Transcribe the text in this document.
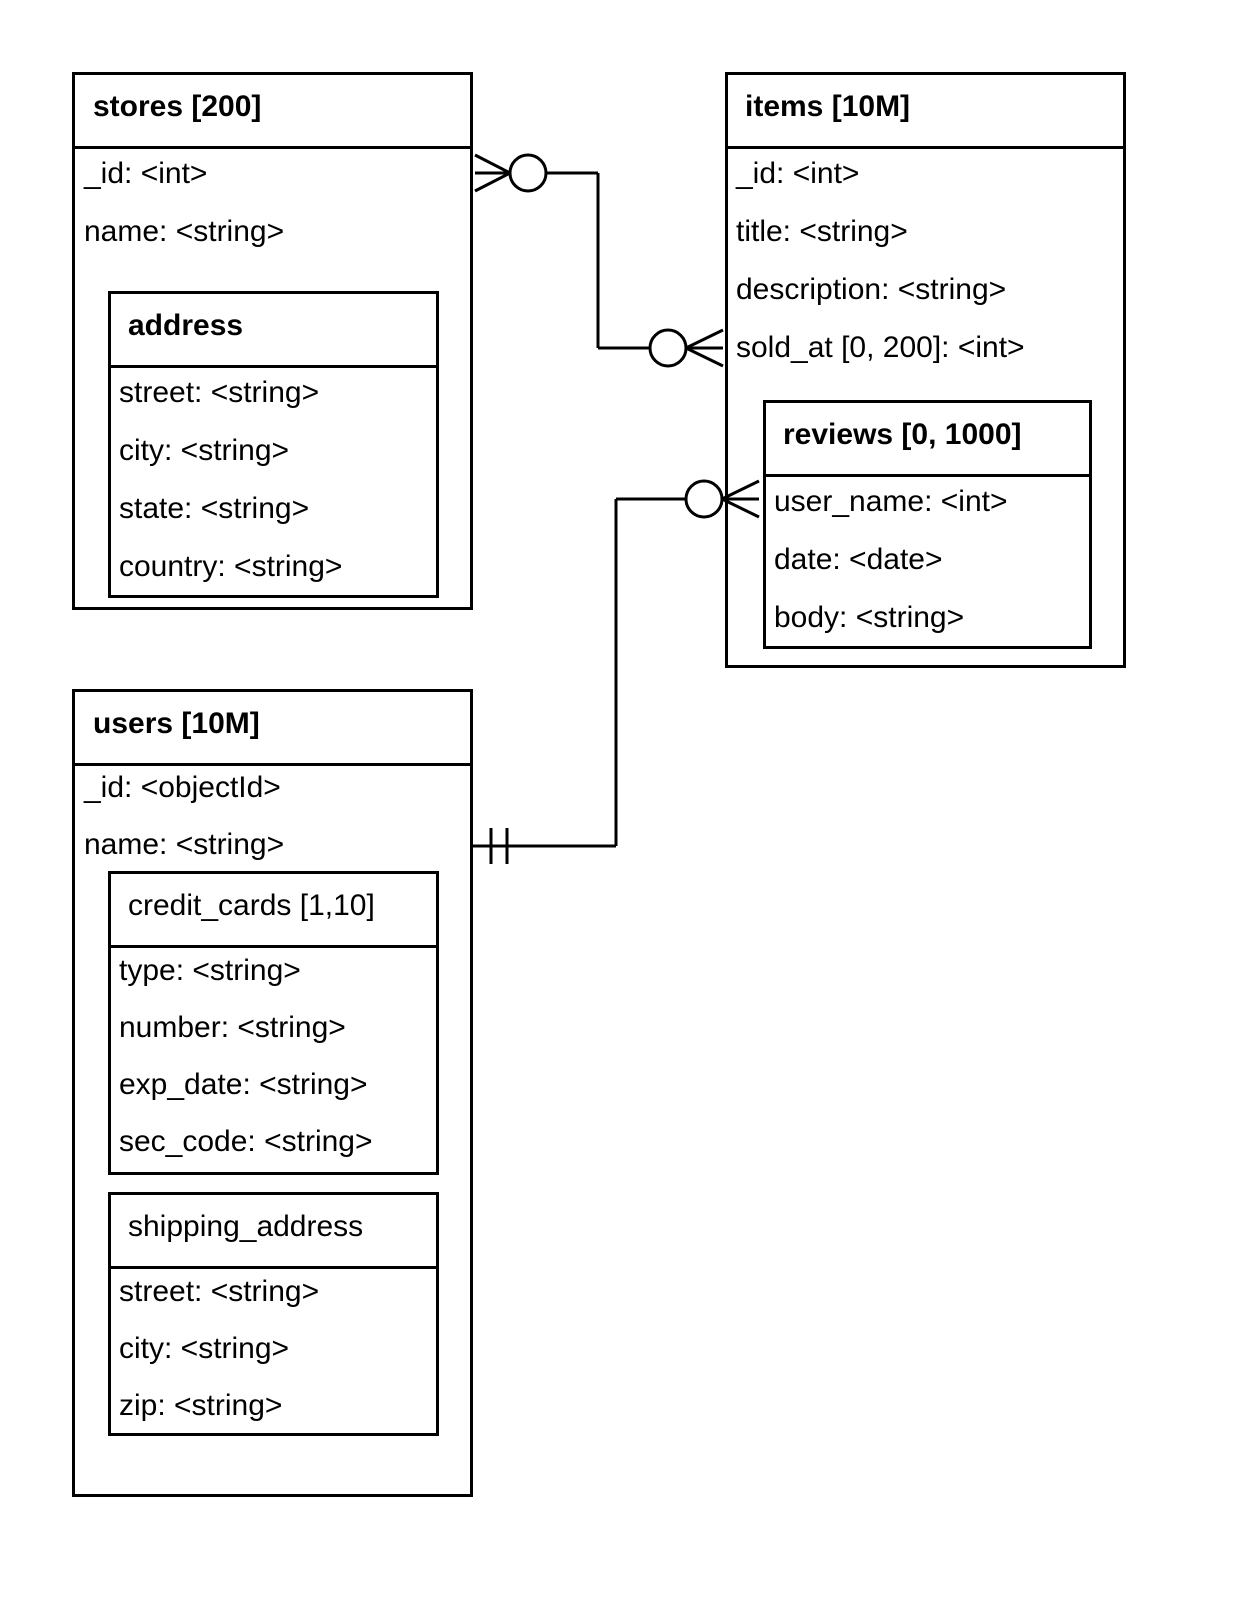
stores [200]
_id: <int>
name: <string>
address
street: <string>
city: <string>
state: <string>
country: <string>
items [10M]
_id: <int>
title: <string>
description: <string>
sold_at [0, 200]: <int>
reviews [0, 1000]
user_name: <int>
date: <date>
body: <string>
users [10M]
_id: <objectId>
name: <string>
credit_cards [1,10]
type: <string>
number: <string>
exp_date: <string>
sec_code: <string>
shipping_address
street: <string>
city: <string>
zip: <string>
